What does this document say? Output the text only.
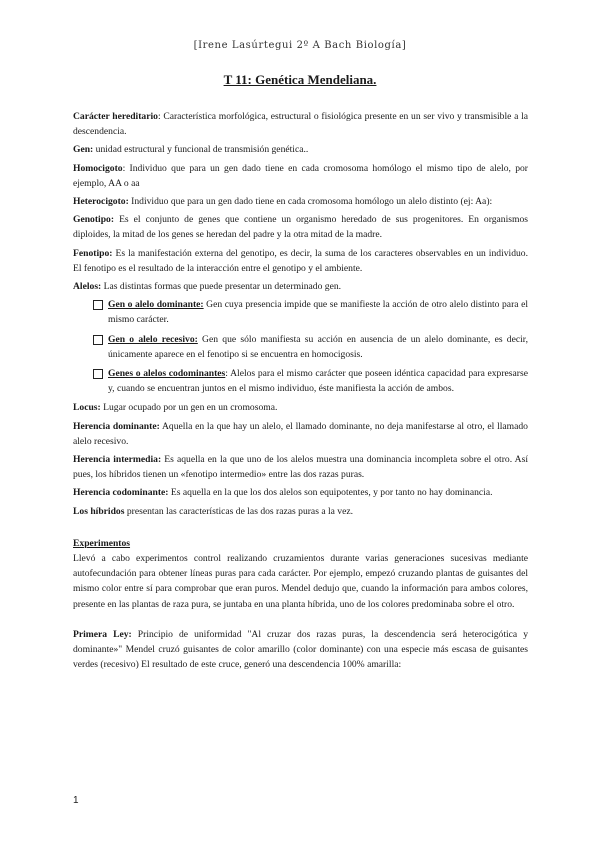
[Irene Lasúrtegui 2º A Bach Biología]
T 11: Genética Mendeliana.

Carácter hereditario: Característica morfológica, estructural o fisiológica presente en un ser vivo y transmisible a la descendencia.

Gen: unidad estructural y funcional de transmisión genética..

Homocigoto: Individuo que para un gen dado tiene en cada cromosoma homólogo el mismo tipo de alelo, por ejemplo, AA o aa

Heterocigoto: Individuo que para un gen dado tiene en cada cromosoma homólogo un alelo distinto (ej: Aa):

Genotipo: Es el conjunto de genes que contiene un organismo heredado de sus progenitores. En organismos diploides, la mitad de los genes se heredan del padre y la otra mitad de la madre.

Fenotipo: Es la manifestación externa del genotipo, es decir, la suma de los caracteres observables en un individuo. El fenotipo es el resultado de la interacción entre el genotipo y el ambiente.

Alelos: Las distintas formas que puede presentar un determinado gen.

Gen o alelo dominante: Gen cuya presencia impide que se manifieste la acción de otro alelo distinto para el mismo carácter.
Gen o alelo recesivo: Gen que sólo manifiesta su acción en ausencia de un alelo dominante, es decir, únicamente aparece en el fenotipo si se encuentra en homocigosis.
Genes o alelos codominantes: Alelos para el mismo carácter que poseen idéntica capacidad para expresarse y, cuando se encuentran juntos en el mismo individuo, éste manifiesta la acción de ambos.

Locus: Lugar ocupado por un gen en un cromosoma.

Herencia dominante: Aquella en la que hay un alelo, el llamado dominante, no deja manifestarse al otro, el llamado alelo recesivo.

Herencia intermedia: Es aquella en la que uno de los alelos muestra una dominancia incompleta sobre el otro. Así pues, los híbridos tienen un «fenotipo intermedio» entre las dos razas puras.

Herencia codominante: Es aquella en la que los dos alelos son equipotentes, y por tanto no hay dominancia.

Los híbridos presentan las características de las dos razas puras a la vez.

Experimentos
Llevó a cabo experimentos control realizando cruzamientos durante varias generaciones sucesivas mediante autofecundación para obtener líneas puras para cada carácter. Por ejemplo, empezó cruzando plantas de guisantes del mismo color entre sí para comprobar que eran puros. Mendel dedujo que, cuando la información para ambos colores, presente en las plantas de raza pura, se juntaba en una planta híbrida, uno de los colores predominaba sobre el otro.

Primera Ley: Principio de uniformidad "Al cruzar dos razas puras, la descendencia será heterocigótica y dominante»" Mendel cruzó guisantes de color amarillo (color dominante) con una especie más escasa de guisantes verdes (recesivo) El resultado de este cruce, generó una descendencia 100% amarilla:

1
